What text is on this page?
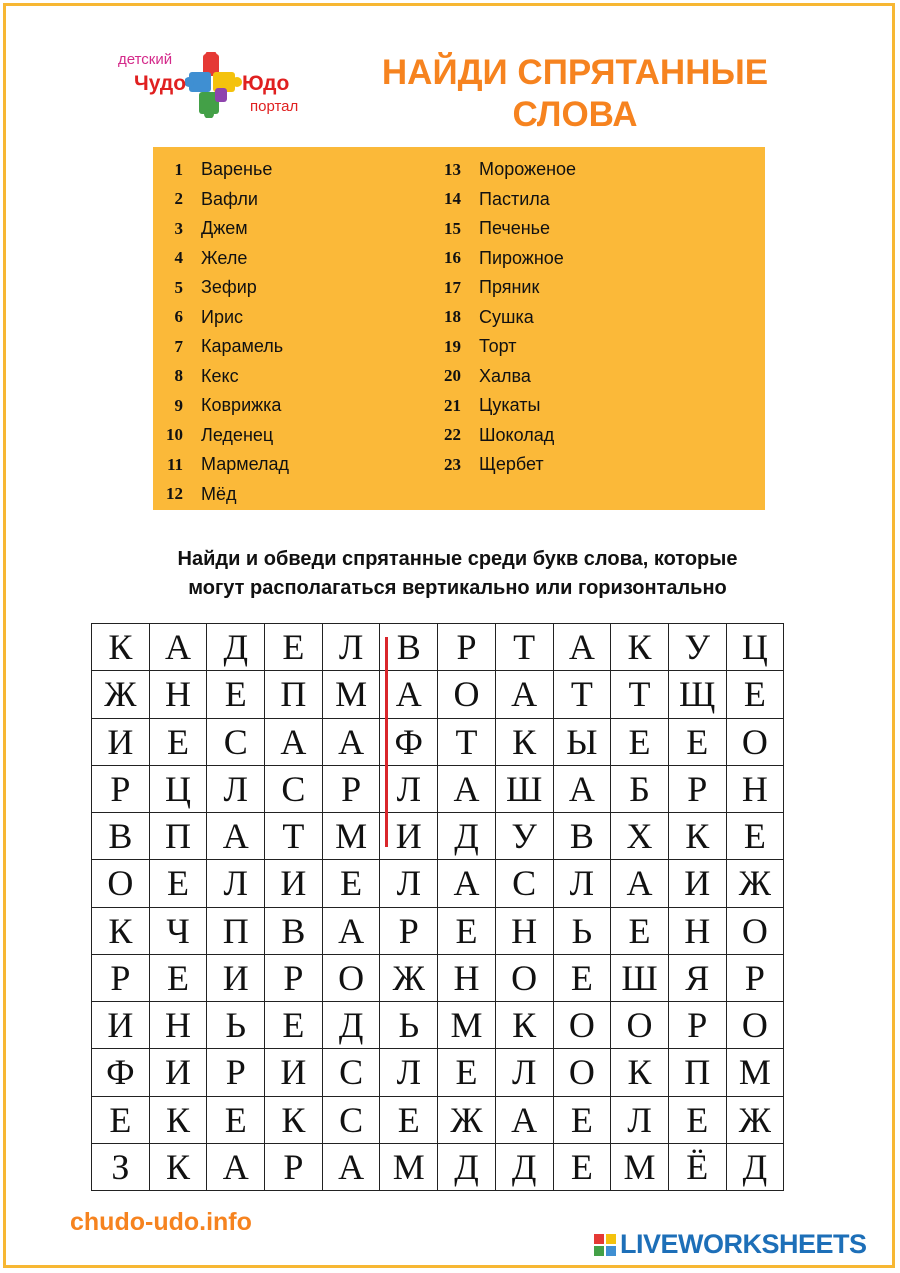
детский
Чудо	Юдо
портал
НАЙДИ СПРЯТАННЫЕ
СЛОВА
1	Варенье
2	Вафли
3	Джем
4	Желе
5	Зефир
6	Ирис
7	Карамель
8	Кекс
9	Коврижка
10	Леденец
11	Мармелад
12	Мёд
13	Мороженое
14	Пастила
15	Печенье
16	Пирожное
17	Пряник
18	Сушка
19	Торт
20	Халва
21	Цукаты
22	Шоколад
23	Щербет
Найди и обведи спрятанные среди букв слова, которые
могут располагаться вертикально или горизонтально
К А Д Е Л В Р	Т А К У Ц
Ж Н Е П М А О А Т Т Щ Е
И Е С А А Ф Т К Ы Е Е О
Р Ц Л С Р Л А Ш А Б	Р Н
В П А Т М И Д У В Х К Е
О Е Л И Е Л А С Л А И Ж
К Ч П В А Р	Е Н Ь	Е Н О
Р	Е И Р О Ж Н О Е Ш Я Р
И Н Ь	Е Д Ь М К О О Р О
Ф И Р И С Л Е Л О К П М
Е К Е К С Е Ж А Е Л Е Ж
З	К А Р А М Д Д Е М Ё Д
chudo-udo.info
LIVEWORKSHEETS
